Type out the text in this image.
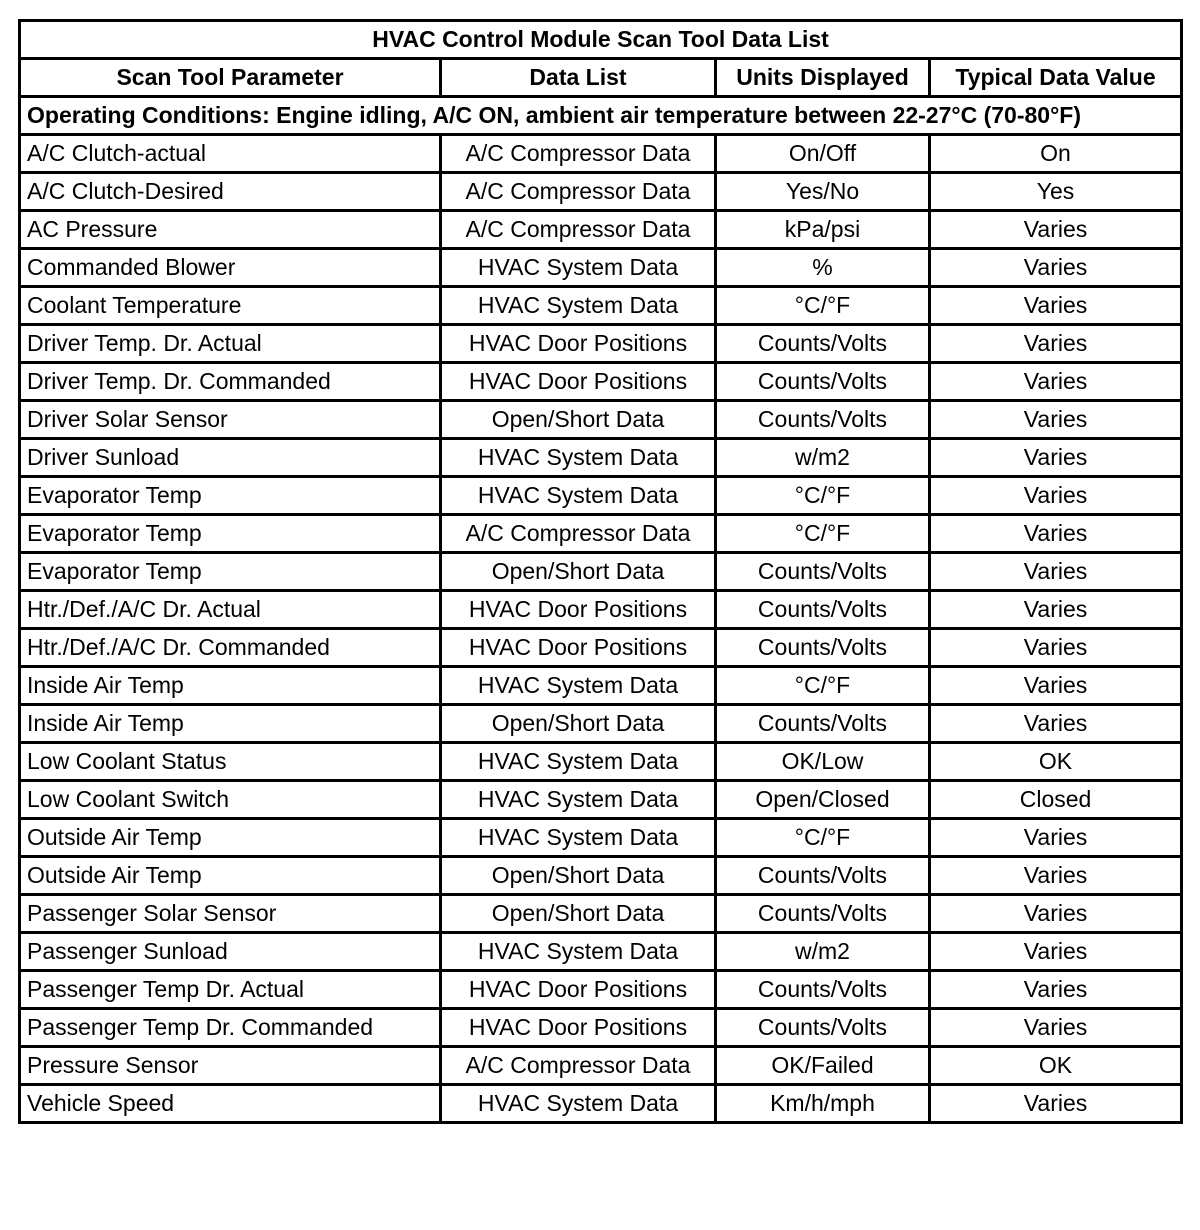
HVAC Control Module Scan Tool Data List			
Scan Tool Parameter	Data List	Units Displayed	Typical Data Value
Operating Conditions: Engine idling, A/C ON, ambient air temperature between 22-27°C (70-80°F)			
A/C Clutch-actual	A/C Compressor Data	On/Off	On
A/C Clutch-Desired	A/C Compressor Data	Yes/No	Yes
AC Pressure	A/C Compressor Data	kPa/psi	Varies
Commanded Blower	HVAC System Data	%	Varies
Coolant Temperature	HVAC System Data	°C/°F	Varies
Driver Temp. Dr. Actual	HVAC Door Positions	Counts/Volts	Varies
Driver Temp. Dr. Commanded	HVAC Door Positions	Counts/Volts	Varies
Driver Solar Sensor	Open/Short Data	Counts/Volts	Varies
Driver Sunload	HVAC System Data	w/m2	Varies
Evaporator Temp	HVAC System Data	°C/°F	Varies
Evaporator Temp	A/C Compressor Data	°C/°F	Varies
Evaporator Temp	Open/Short Data	Counts/Volts	Varies
Htr./Def./A/C Dr. Actual	HVAC Door Positions	Counts/Volts	Varies
Htr./Def./A/C Dr. Commanded	HVAC Door Positions	Counts/Volts	Varies
Inside Air Temp	HVAC System Data	°C/°F	Varies
Inside Air Temp	Open/Short Data	Counts/Volts	Varies
Low Coolant Status	HVAC System Data	OK/Low	OK
Low Coolant Switch	HVAC System Data	Open/Closed	Closed
Outside Air Temp	HVAC System Data	°C/°F	Varies
Outside Air Temp	Open/Short Data	Counts/Volts	Varies
Passenger Solar Sensor	Open/Short Data	Counts/Volts	Varies
Passenger Sunload	HVAC System Data	w/m2	Varies
Passenger Temp Dr. Actual	HVAC Door Positions	Counts/Volts	Varies
Passenger Temp Dr. Commanded	HVAC Door Positions	Counts/Volts	Varies
Pressure Sensor	A/C Compressor Data	OK/Failed	OK
Vehicle Speed	HVAC System Data	Km/h/mph	Varies
